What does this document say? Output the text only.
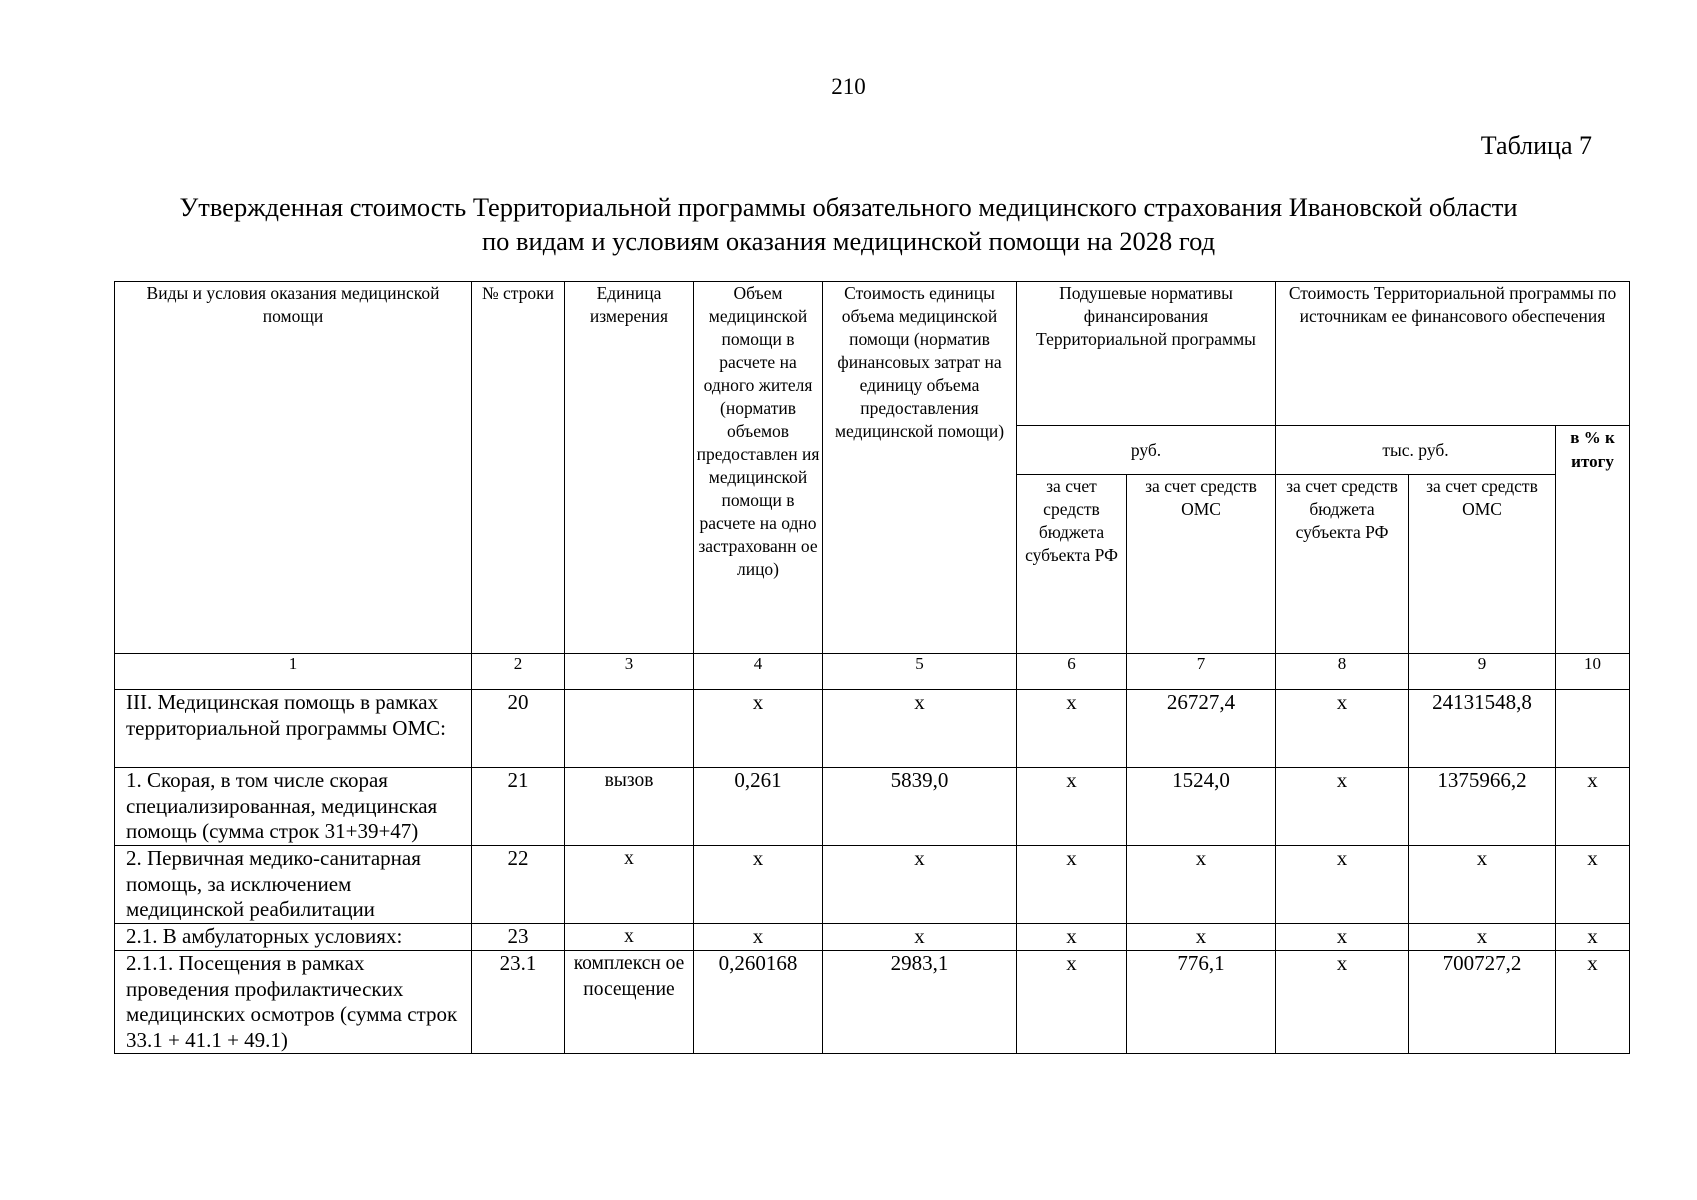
210
Таблица 7
Утвержденная стоимость Территориальной программы обязательного медицинского страхования Ивановской области
по видам и условиям оказания медицинской помощи на 2028 год
Виды и условия оказания медицинской помощи	№ строки	Единица измерения	Объем медицинской помощи в расчете на одного жителя (норматив объемов предоставлен ия медицинской помощи в расчете на одно застрахованн ое лицо)	Стоимость единицы объема медицинской помощи (норматив финансовых затрат на единицу объема предоставления медицинской помощи)	Подушевые нормативы финансирования Территориальной программы		Стоимость Территориальной программы по источникам ее финансового обеспечения		
					руб.		тыс. руб.		в % к итогу
					за счет средств бюджета субъекта РФ	за счет средств ОМС	за счет средств бюджета субъекта РФ	за счет средств ОМС	
1	2	3	4	5	6	7	8	9	10
III. Медицинская помощь в рамках территориальной программы ОМС:	20		х	х	х	26727,4	х	24131548,8	
1. Скорая, в том числе скорая специализированная, медицинская помощь (сумма строк 31+39+47)	21	вызов	0,261	5839,0	х	1524,0	х	1375966,2	х
2. Первичная медико-санитарная помощь, за исключением медицинской реабилитации	22	х	х	х	х	х	х	х	х
2.1. В амбулаторных условиях:	23	х	х	х	х	х	х	х	х
2.1.1. Посещения в рамках проведения профилактических медицинских осмотров (сумма строк 33.1 + 41.1 + 49.1)	23.1	комплексн ое посещение	0,260168	2983,1	х	776,1	х	700727,2	х
